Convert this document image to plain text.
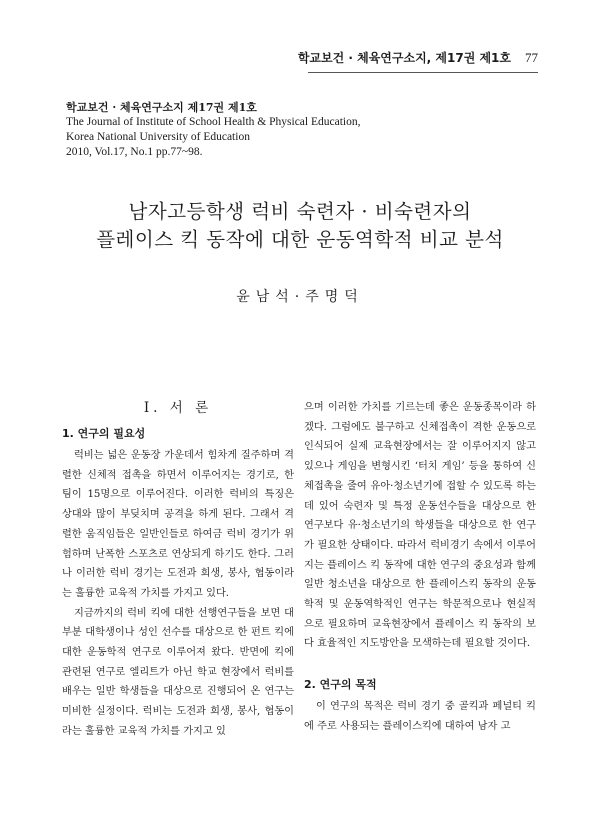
학교보건 · 체육연구소지, 제17권 제1호 77
학교보건 · 체육연구소지 제17권 제1호
The Journal of Institute of School Health & Physical Education,
Korea National University of Education
2010, Vol.17, No.1 pp.77~98.
남자고등학생 럭비 숙련자 · 비숙련자의
플레이스 킥 동작에 대한 운동역학적 비교 분석
윤남석·주명덕
I. 서 론
1. 연구의 필요성

럭비는 넓은 운동장 가운데서 힘차게 질주하며 격렬한 신체적 접촉을 하면서 이루어지는 경기로, 한 팀이 15명으로 이루어진다. 이러한 럭비의 특징은 상대와 많이 부딪치며 공격을 하게 된다. 그래서 격렬한 움직임들은 일반인들로 하여금 럭비 경기가 위험하며 난폭한 스포츠로 연상되게 하기도 한다. 그러나 이러한 럭비 경기는 도전과 희생, 봉사, 협동이라는 훌륭한 교육적 가치를 가지고 있다.

지금까지의 럭비 킥에 대한 선행연구들을 보면 대부분 대학생이나 성인 선수를 대상으로 한 펀트 킥에 대한 운동학적 연구로 이루어져 왔다. 반면에 킥에 관련된 연구로 엘리트가 아닌 학교 현장에서 럭비를 배우는 일반 학생들을 대상으로 진행되어 온 연구는 미비한 실정이다. 럭비는 도전과 희생, 봉사, 협동이라는 훌륭한 교육적 가치를 가지고 있

으며 이러한 가치를 기르는데 좋은 운동종목이라 하겠다. 그럼에도 불구하고 신체접촉이 격한 운동으로 인식되어 실제 교육현장에서는 잘 이루어지지 않고 있으나 게임을 변형시킨 ‘터치 게임’ 등을 통하여 신체접촉을 줄여 유아·청소년기에 접할 수 있도록 하는데 있어 숙련자 및 특정 운동선수들을 대상으로 한 연구보다 유·청소년기의 학생들을 대상으로 한 연구가 필요한 상태이다. 따라서 럭비경기 속에서 이루어지는 플레이스 킥 동작에 대한 연구의 중요성과 함께 일반 청소년을 대상으로 한 플레이스킥 동작의 운동학적 및 운동역학적인 연구는 학문적으로나 현실적으로 필요하며 교육현장에서 플레이스 킥 동작의 보다 효율적인 지도방안을 모색하는데 필요할 것이다.

2. 연구의 목적

이 연구의 목적은 럭비 경기 중 골킥과 페널티 킥에 주로 사용되는 플레이스킥에 대하여 남자 고
